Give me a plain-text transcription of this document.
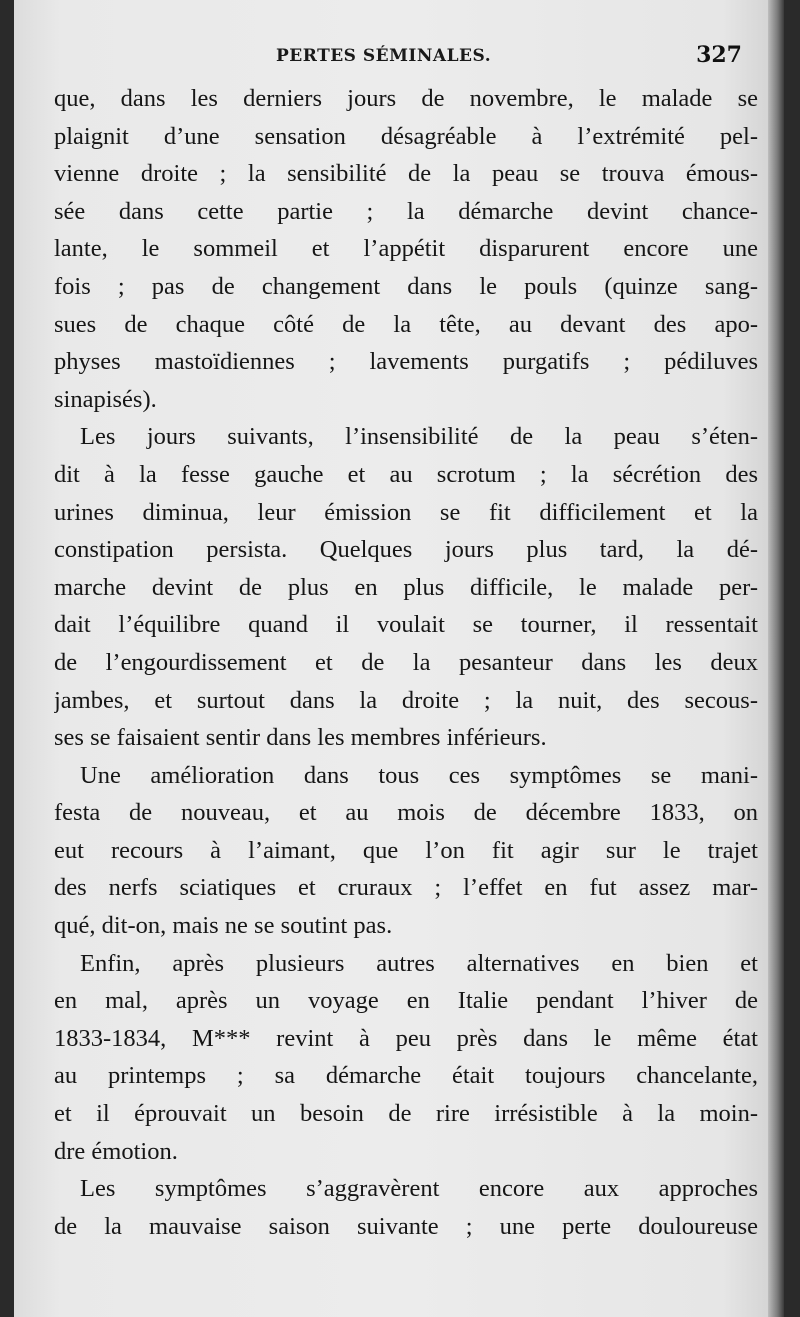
PERTES SÉMINALES.	327
que, dans les derniers jours de novembre, le malade se
plaignit d’une sensation désagréable à l’extrémité pel-
vienne droite ; la sensibilité de la peau se trouva émous-
sée dans cette partie ; la démarche devint chance-
lante, le sommeil et l’appétit disparurent encore une
fois ; pas de changement dans le pouls (quinze sang-
sues de chaque côté de la tête, au devant des apo-
physes mastoïdiennes ; lavements purgatifs ; pédiluves
sinapisés).
Les jours suivants, l’insensibilité de la peau s’éten-
dit à la fesse gauche et au scrotum ; la sécrétion des
urines diminua, leur émission se fit difficilement et la
constipation persista. Quelques jours plus tard, la dé-
marche devint de plus en plus difficile, le malade per-
dait l’équilibre quand il voulait se tourner, il ressentait
de l’engourdissement et de la pesanteur dans les deux
jambes, et surtout dans la droite ; la nuit, des secous-
ses se faisaient sentir dans les membres inférieurs.
Une amélioration dans tous ces symptômes se mani-
festa de nouveau, et au mois de décembre 1833, on
eut recours à l’aimant, que l’on fit agir sur le trajet
des nerfs sciatiques et cruraux ; l’effet en fut assez mar-
qué, dit-on, mais ne se soutint pas.
Enfin, après plusieurs autres alternatives en bien et
en mal, après un voyage en Italie pendant l’hiver de
1833-1834, M*** revint à peu près dans le même état
au printemps ; sa démarche était toujours chancelante,
et il éprouvait un besoin de rire irrésistible à la moin-
dre émotion.
Les symptômes s’aggravèrent encore aux approches
de la mauvaise saison suivante ; une perte douloureuse
